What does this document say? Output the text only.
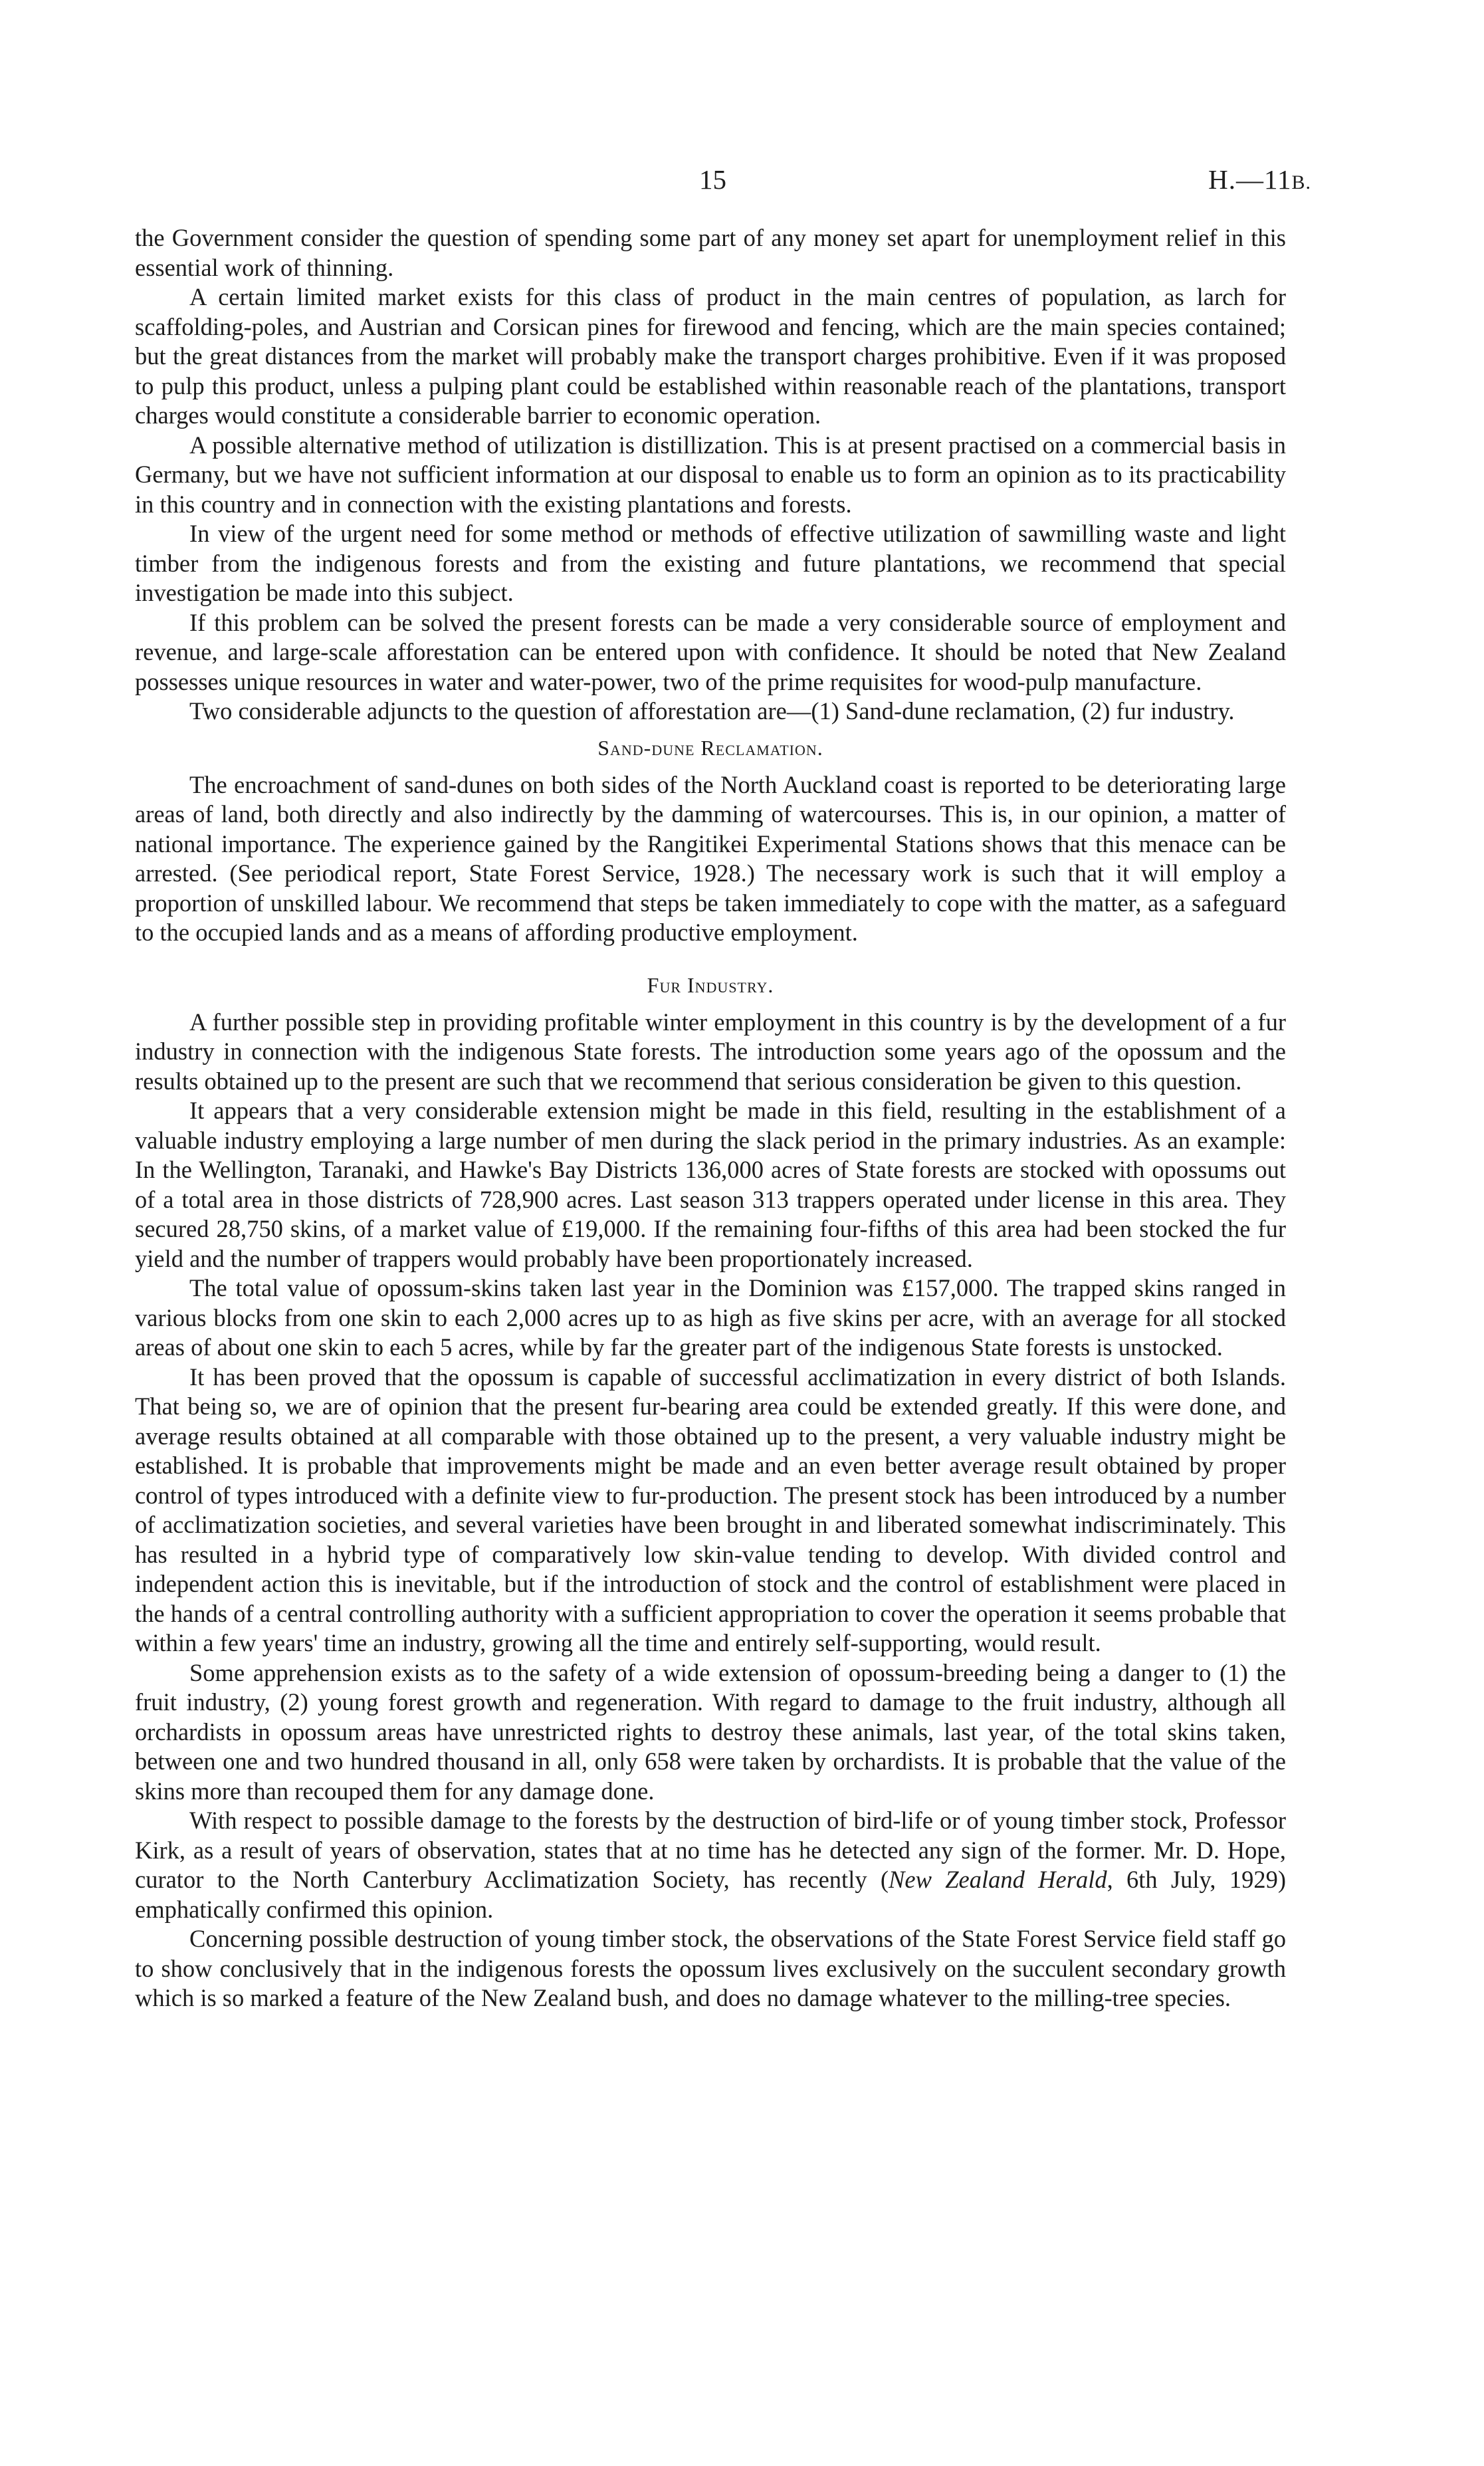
15	H.—11B.

the Government consider the question of spending some part of any money set apart for unemployment relief in this essential work of thinning.

A certain limited market exists for this class of product in the main centres of population, as larch for scaffolding-poles, and Austrian and Corsican pines for firewood and fencing, which are the main species contained; but the great distances from the market will probably make the transport charges prohibitive. Even if it was proposed to pulp this product, unless a pulping plant could be established within reasonable reach of the plantations, transport charges would constitute a considerable barrier to economic operation.

A possible alternative method of utilization is distillization. This is at present practised on a commercial basis in Germany, but we have not sufficient information at our disposal to enable us to form an opinion as to its practicability in this country and in connection with the existing plantations and forests.

In view of the urgent need for some method or methods of effective utilization of sawmilling waste and light timber from the indigenous forests and from the existing and future plantations, we recommend that special investigation be made into this subject.

If this problem can be solved the present forests can be made a very considerable source of employment and revenue, and large-scale afforestation can be entered upon with confidence. It should be noted that New Zealand possesses unique resources in water and water-power, two of the prime requisites for wood-pulp manufacture.

Two considerable adjuncts to the question of afforestation are—(1) Sand-dune reclamation, (2) fur industry.

Sand-dune Reclamation.

The encroachment of sand-dunes on both sides of the North Auckland coast is reported to be deteriorating large areas of land, both directly and also indirectly by the damming of watercourses. This is, in our opinion, a matter of national importance. The experience gained by the Rangitikei Experimental Stations shows that this menace can be arrested. (See periodical report, State Forest Service, 1928.) The necessary work is such that it will employ a proportion of unskilled labour. We recommend that steps be taken immediately to cope with the matter, as a safeguard to the occupied lands and as a means of affording productive employment.

Fur Industry.

A further possible step in providing profitable winter employment in this country is by the development of a fur industry in connection with the indigenous State forests. The introduction some years ago of the opossum and the results obtained up to the present are such that we recommend that serious consideration be given to this question.

It appears that a very considerable extension might be made in this field, resulting in the establishment of a valuable industry employing a large number of men during the slack period in the primary industries. As an example: In the Wellington, Taranaki, and Hawke's Bay Districts 136,000 acres of State forests are stocked with opossums out of a total area in those districts of 728,900 acres. Last season 313 trappers operated under license in this area. They secured 28,750 skins, of a market value of £19,000. If the remaining four-fifths of this area had been stocked the fur yield and the number of trappers would probably have been proportionately increased.

The total value of opossum-skins taken last year in the Dominion was £157,000. The trapped skins ranged in various blocks from one skin to each 2,000 acres up to as high as five skins per acre, with an average for all stocked areas of about one skin to each 5 acres, while by far the greater part of the indigenous State forests is unstocked.

It has been proved that the opossum is capable of successful acclimatization in every district of both Islands. That being so, we are of opinion that the present fur-bearing area could be extended greatly. If this were done, and average results obtained at all comparable with those obtained up to the present, a very valuable industry might be established. It is probable that improvements might be made and an even better average result obtained by proper control of types introduced with a definite view to fur-production. The present stock has been introduced by a number of acclimatization societies, and several varieties have been brought in and liberated somewhat indiscriminately. This has resulted in a hybrid type of comparatively low skin-value tending to develop. With divided control and independent action this is inevitable, but if the introduction of stock and the control of establishment were placed in the hands of a central controlling authority with a sufficient appropriation to cover the operation it seems probable that within a few years' time an industry, growing all the time and entirely self-supporting, would result.

Some apprehension exists as to the safety of a wide extension of opossum-breeding being a danger to (1) the fruit industry, (2) young forest growth and regeneration. With regard to damage to the fruit industry, although all orchardists in opossum areas have unrestricted rights to destroy these animals, last year, of the total skins taken, between one and two hundred thousand in all, only 658 were taken by orchardists. It is probable that the value of the skins more than recouped them for any damage done.

With respect to possible damage to the forests by the destruction of bird-life or of young timber stock, Professor Kirk, as a result of years of observation, states that at no time has he detected any sign of the former. Mr. D. Hope, curator to the North Canterbury Acclimatization Society, has recently (New Zealand Herald, 6th July, 1929) emphatically confirmed this opinion.

Concerning possible destruction of young timber stock, the observations of the State Forest Service field staff go to show conclusively that in the indigenous forests the opossum lives exclusively on the succulent secondary growth which is so marked a feature of the New Zealand bush, and does no damage whatever to the milling-tree species.
